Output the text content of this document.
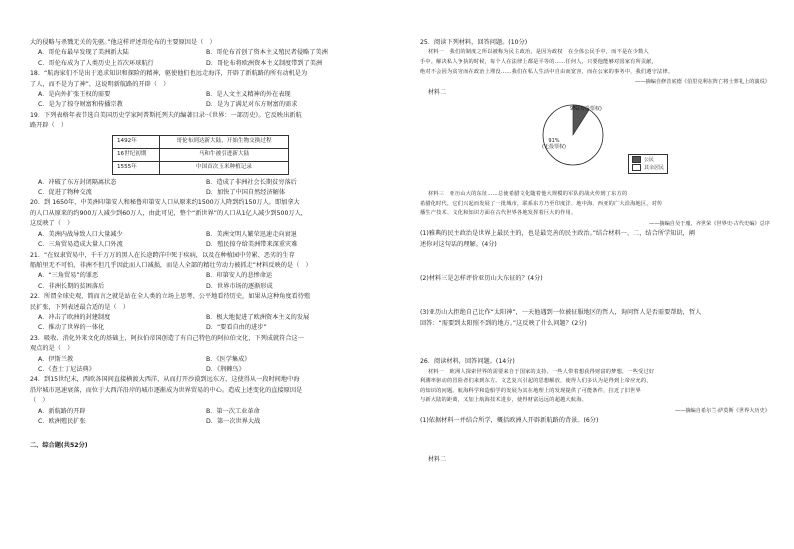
大的侵略与杀戮无关的先驱。”他这样评述哥伦布的主要原因是（　）
A．哥伦布最早发现了美洲新大陆	B．哥伦布首创了资本主义殖民者侵略了美洲
C．哥伦布成为了人类历史上首次环球航行	D．哥伦布将欧洲资本主义制度带到了美洲
18．“航海家们不是出于追求知识和探险的精神，驱使他们也远走海洋，开辟了新航路的所有动机是为
了人，而不是为了神”，这说明新航路的开辟（　）
A．是向外扩张王权的需要	B．是人文主义精神的外在表现
C．是为了掠夺财富和传播宗教	D．是为了满足对东方财富的需求
19．下列表格年表节选自美国历史学家阿普斯托列夫的编著目录··《世界：一部历史》。它反映出新航
路开辟（　）
1492年	哥伦布到达新大陆，开始生物交换过程
16世纪初期	马和牛被引进新大陆
1555年	中国首次玉米种植记录
A．冲破了东方封闭隔离状态	B．造成了非洲社会长期贫穷落后
C．促进了物种交流	D．加快了中国自然经济解体
20．到 1650年，中美洲印第安人和秘鲁印第安人口从原来约1500万人降到约150万人。即加拿大
的人口从原来的约900万人减少到60万人，由此可见，整个“新世界”的人口从1亿人减少到500万人，
这反映了（　）
A．美洲内战导致人口大量减少	B．美洲文明人繁荣迅速走向衰退
C．三角贸易造成大量人口外流	D．殖民掠夺给美洲带来深重灾难
21．“在奴隶贸易中，千千万万的黑人在长途跨洋中死于疾病，以及在种植园中劳累、恶劣的生存
船舶里无不可怕，非洲不但几乎因此而人口减损，而是人全部的精壮劳动力被抓走”材料反映的是（　）
A．“三角贸易”的罪恶	B．印第安人的悲惨命运
C．非洲长期的贫困落后	D．世界市场的逐渐形成
22．所谓全球史观，简而言之就是站在全人类的立场上思考、公平地看待历史，如果从这种角度看待殖
民扩张，下列表述最合适的是（　）
A．冲击了欧洲的封建制度	B．极大地促进了欧洲资本主义的发展
C．推动了世界的一体化	D．“要看自由的进步”
23．吸收、消化外来文化的基础上，阿拉伯帝国创造了有自己特色的阿拉伯文化，下列成就符合这一
观点的是（　）
A．伊斯兰教	B．《医学集成》
C．《查士丁尼法典》	D．《荆棘鸟》
24．到15世纪末，西欧各国间直接横渡大西洋，从而打开沙漠到远东方，这使得从一段时间地中海
沿岸城市迅速衰落，而位于大西洋沿岸的城市逐渐成为世界贸易的中心。造成上述变化的直接原因是
（　）
A．新航路的开辟	B．第一次工业革命
C．欧洲殖民扩张	D．第一次世界大战
二、综合题(共52分)
25．阅读下列材料，回答问题。(10分)
材料一　我们的制度之所以被称为民主政治，是因为政权　在全体公民手中，而不是在少数人
手中。解决私人争执的时候，每个人在法律上都是平等的……任何人，只要他能够对国家有所贡献，
绝对不会因为贫穷而在政治上埋没……我们在私人生活中自由而宽容，而在公家的事务中，我们遵守法律。
——摘编自修昔底德《伯里克利在阵亡将士葬礼上的演说》
材料二
9%(有投票权)
91%
(无投票权)
公民
其余居民
材料三　亚历山大的东征……总使希腊文化随着他大规模的军队的战火传到了东方的
希腊化时代，它们兴起而发展了一批城市，联系东方乃至印度洋、地中海、西亚的广大沿海地区，对传
播生产技术、文化和知识方面在古代世界各地发挥着巨大的作用。
——摘编自吴于廑、齐世荣《世界史·古代史编》总序
(1)雅典的民主政治是世界上最民主的，也是最完善的民主政治。”结合材料一、二，结合所学知识，阐
述你对这句话的理解。(4分)
(2)材料三是怎样评价亚历山大东征的？(4分)
(3)亚历山大拒绝自己比作“太阳神”，一天他遇到一位被征服地区的哲人，询问哲人是否需要帮助，哲人
回答：“需要到太阳照不到的地方。”这反映了什么问题？(2分)
26．阅读材料，回答问题。(14分)
材料一　欧洲人探索世界的需要来自于国家的支持，一些人带着想获得财富的梦想，一些受过好
利潤率驱动的冒险者们来到东方。文艺复兴引起的思想解放，使得人们多认为是得到上帝应允的，
的知识的问题。航海科学和造船学的发展为其在地理上的发现提供了可能条件，拉近了旧世界
与新大陆的距离，又加上航海技术进步，使得财富远远的超越大航海。
——摘编自希尔兰·萨莫斯《世界大历史》
(1)依据材料一并结合所学，概括欧洲人开辟新航路的背景。(6分)
材料二
